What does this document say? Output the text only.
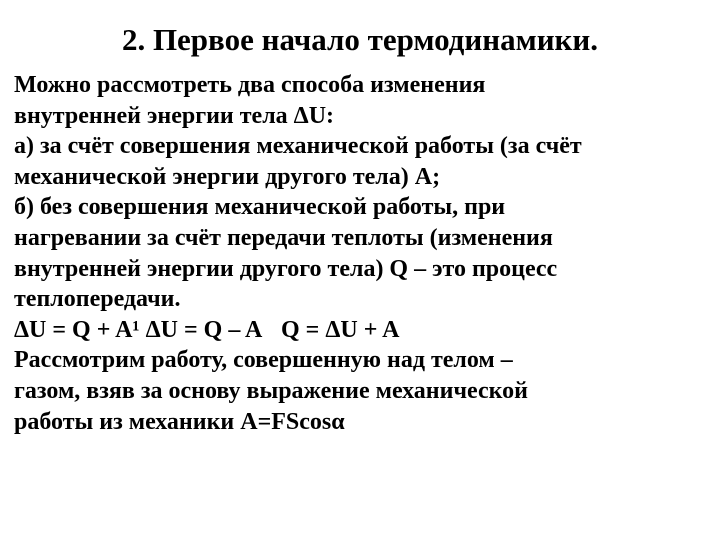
2. Первое начало термодинамики.

Можно рассмотреть два способа изменения
внутренней энергии тела ΔU:

а) за счёт совершения механической работы (за счёт
механической энергии другого тела) А;

б) без совершения механической работы, при
нагревании за счёт передачи теплоты (изменения
внутренней энергии другого тела) Q – это процесс
теплопередачи.

ΔU = Q + A¹ ΔU = Q – A Q = ΔU + A

Рассмотрим работу, совершенную над телом –
газом, взяв за основу выражение механической
работы из механики A=FScosα
